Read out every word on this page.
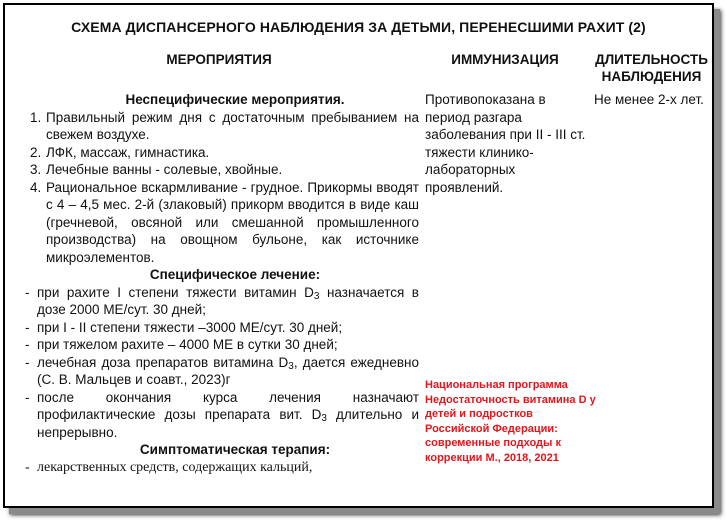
СХЕМА ДИСПАНСЕРНОГО НАБЛЮДЕНИЯ ЗА ДЕТЬМИ, ПЕРЕНЕСШИМИ РАХИТ (2)
МЕРОПРИЯТИЯ	ИММУНИЗАЦИЯ	ДЛИТЕЛЬНОСТЬ
НАБЛЮДЕНИЯ
Неспецифические мероприятия.
1. Правильный режим дня с достаточным пребыванием на свежем воздухе.
2. ЛФК, массаж, гимнастика.
3. Лечебные ванны - солевые, хвойные.
4. Рациональное вскармливание - грудное. Прикормы вводят с 4 – 4,5 мес. 2-й (злаковый) прикорм вводится в виде каш (гречневой, овсяной или смешанной промышленного производства) на овощном бульоне, как источнике микроэлементов.
Специфическое лечение:
- при рахите I степени тяжести витамин $D_3$ назначается в дозе 2000 МЕ/сут. 30 дней;
- при I - II степени тяжести –3000 МЕ/сут. 30 дней;
- при тяжелом рахите – 4000 МЕ в сутки 30 дней;
- лечебная доза препаратов витамина $D_3$, дается ежедневно (С. В. Мальцев и соавт., 2023)г
- после окончания курса лечения назначают профилактические дозы препарата вит. $D_3$ длительно и непрерывно.
Симптоматическая терапия:
- лекарственных средств, содержащих кальций,
Противопоказана в период разгара заболевания при II - III ст. тяжести клинико-лабораторных проявлений.
Не менее 2-х лет.
Национальная программа Недостаточность витамина D у детей и подростков Российской Федерации: современные подходы к коррекции М., 2018, 2021
